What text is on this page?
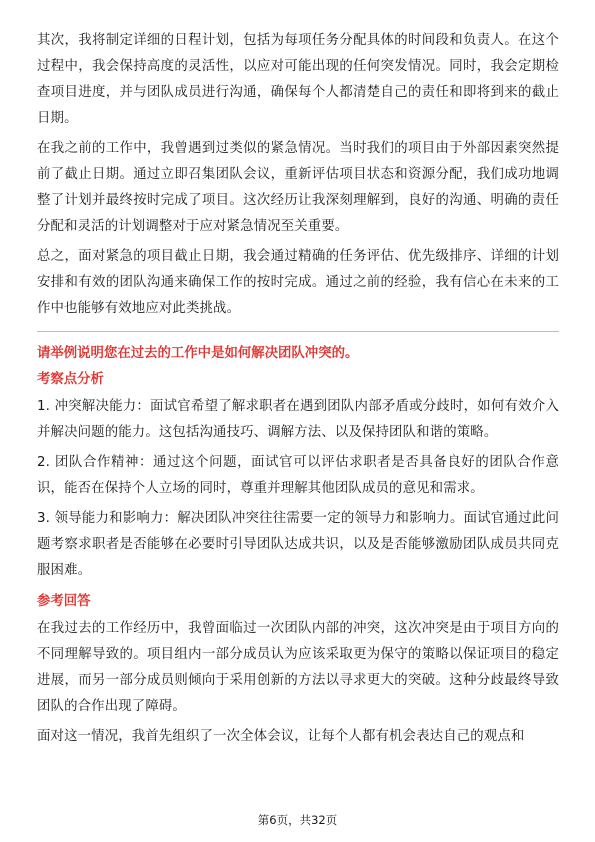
其次，我将制定详细的日程计划，包括为每项任务分配具体的时间段和负责人。在这个过程中，我会保持高度的灵活性，以应对可能出现的任何突发情况。同时，我会定期检查项目进度，并与团队成员进行沟通，确保每个人都清楚自己的责任和即将到来的截止日期。

在我之前的工作中，我曾遇到过类似的紧急情况。当时我们的项目由于外部因素突然提前了截止日期。通过立即召集团队会议，重新评估项目状态和资源分配，我们成功地调整了计划并最终按时完成了项目。这次经历让我深刻理解到，良好的沟通、明确的责任分配和灵活的计划调整对于应对紧急情况至关重要。

总之，面对紧急的项目截止日期，我会通过精确的任务评估、优先级排序、详细的计划安排和有效的团队沟通来确保工作的按时完成。通过之前的经验，我有信心在未来的工作中也能够有效地应对此类挑战。

请举例说明您在过去的工作中是如何解决团队冲突的。

考察点分析

1. 冲突解决能力：面试官希望了解求职者在遇到团队内部矛盾或分歧时，如何有效介入并解决问题的能力。这包括沟通技巧、调解方法、以及保持团队和谐的策略。

2. 团队合作精神：通过这个问题，面试官可以评估求职者是否具备良好的团队合作意识，能否在保持个人立场的同时，尊重并理解其他团队成员的意见和需求。

3. 领导能力和影响力：解决团队冲突往往需要一定的领导力和影响力。面试官通过此问题考察求职者是否能够在必要时引导团队达成共识，以及是否能够激励团队成员共同克服困难。

参考回答

在我过去的工作经历中，我曾面临过一次团队内部的冲突，这次冲突是由于项目方向的不同理解导致的。项目组内一部分成员认为应该采取更为保守的策略以保证项目的稳定进展，而另一部分成员则倾向于采用创新的方法以寻求更大的突破。这种分歧最终导致团队的合作出现了障碍。

面对这一情况，我首先组织了一次全体会议，让每个人都有机会表达自己的观点和

第6页，共32页
